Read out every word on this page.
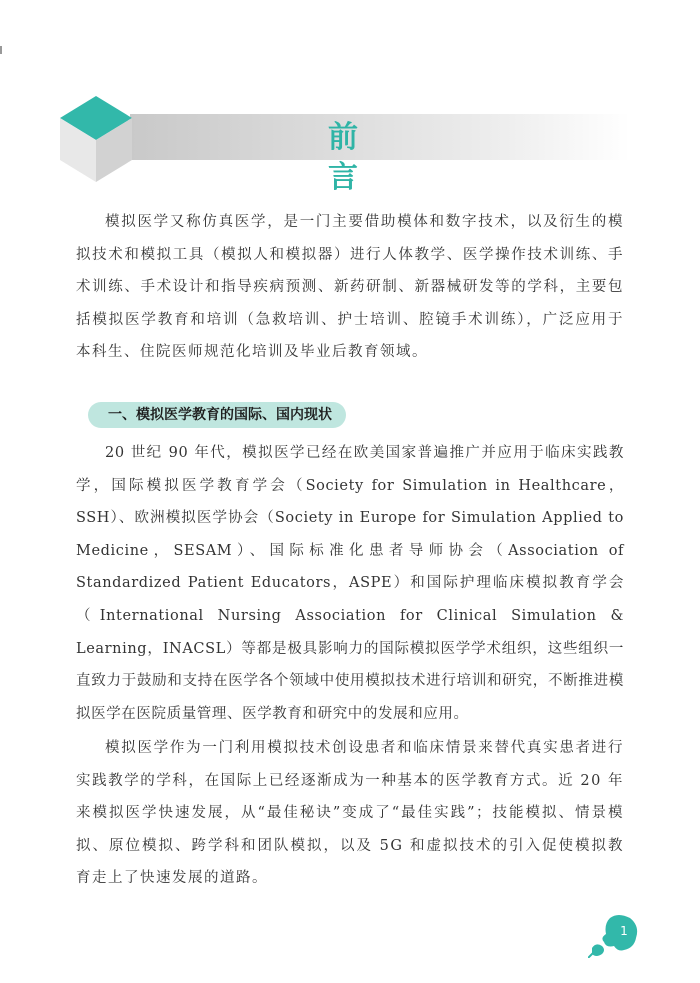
前 言

模拟医学又称仿真医学，是一门主要借助模体和数字技术，以及衍生的模拟技术和模拟工具（模拟人和模拟器）进行人体教学、医学操作技术训练、手术训练、手术设计和指导疾病预测、新药研制、新器械研发等的学科，主要包括模拟医学教育和培训（急救培训、护士培训、腔镜手术训练），广泛应用于本科生、住院医师规范化培训及毕业后教育领域。

一、模拟医学教育的国际、国内现状

20 世纪 90 年代，模拟医学已经在欧美国家普遍推广并应用于临床实践教学，国际模拟医学教育学会（Society for Simulation in Healthcare，SSH）、欧洲模拟医学协会（Society in Europe for Simulation Applied to Medicine，SESAM）、国际标准化患者导师协会（Association of Standardized Patient Educators，ASPE）和国际护理临床模拟教育学会（International Nursing Association for Clinical Simulation & Learning，INACSL）等都是极具影响力的国际模拟医学学术组织，这些组织一直致力于鼓励和支持在医学各个领域中使用模拟技术进行培训和研究，不断推进模拟医学在医院质量管理、医学教育和研究中的发展和应用。

模拟医学作为一门利用模拟技术创设患者和临床情景来替代真实患者进行实践教学的学科，在国际上已经逐渐成为一种基本的医学教育方式。近 20 年来模拟医学快速发展，从“最佳秘诀”变成了“最佳实践”；技能模拟、情景模拟、原位模拟、跨学科和团队模拟，以及 5G 和虚拟技术的引入促使模拟教育走上了快速发展的道路。

1
